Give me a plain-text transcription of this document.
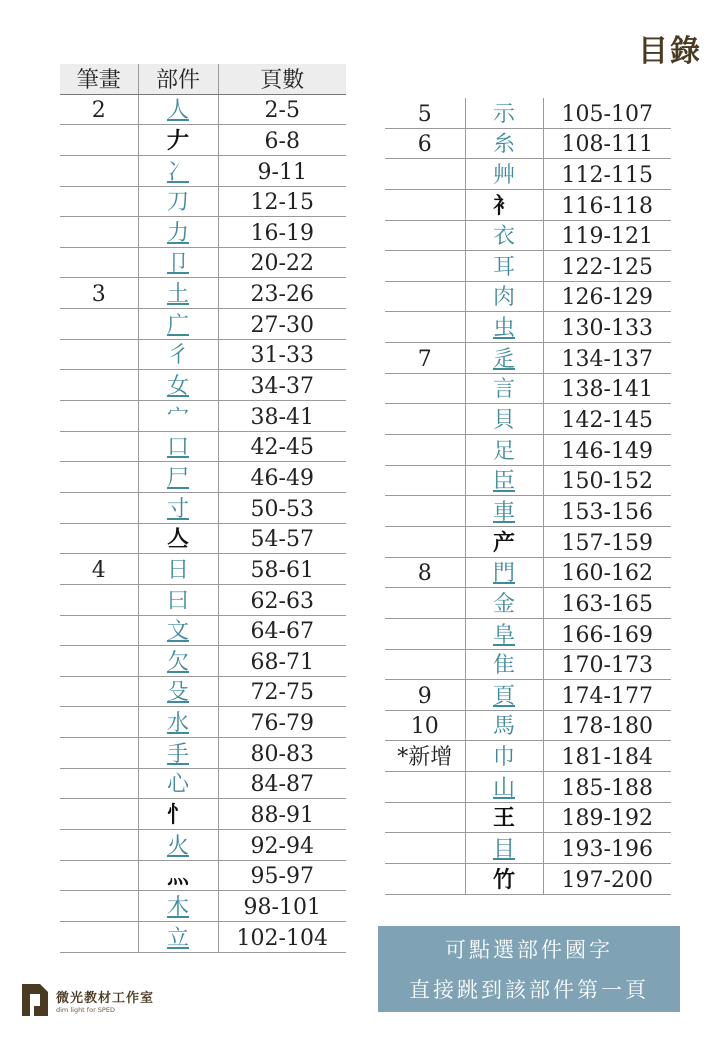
目錄
筆畫	部件	頁數
2	人	2-5
	𠂇	6-8
	冫	9-11
	刀	12-15
	力	16-19
	卩	20-22
3	土	23-26
	广	27-30
	彳	31-33
	女	34-37
	宀	38-41
	口	42-45
	尸	46-49
	寸	50-53
	亼	54-57
4	日	58-61
	曰	62-63
	文	64-67
	欠	68-71
	殳	72-75
	水	76-79
	手	80-83
	心	84-87
	忄	88-91
	火	92-94
	灬	95-97
	木	98-101
	立	102-104
5	示	105-107
6	糸	108-111
	艸	112-115
	衤	116-118
	衣	119-121
	耳	122-125
	肉	126-129
	虫	130-133
7	辵	134-137
	言	138-141
	貝	142-145
	足	146-149
	臣	150-152
	車	153-156
	产	157-159
8	門	160-162
	金	163-165
	阜	166-169
	隹	170-173
9	頁	174-177
10	馬	178-180
*新增	巾	181-184
	山	185-188
	王	189-192
	目	193-196
	竹	197-200
可點選部件國字
直接跳到該部件第一頁
微光教材工作室
dim light for SPED
